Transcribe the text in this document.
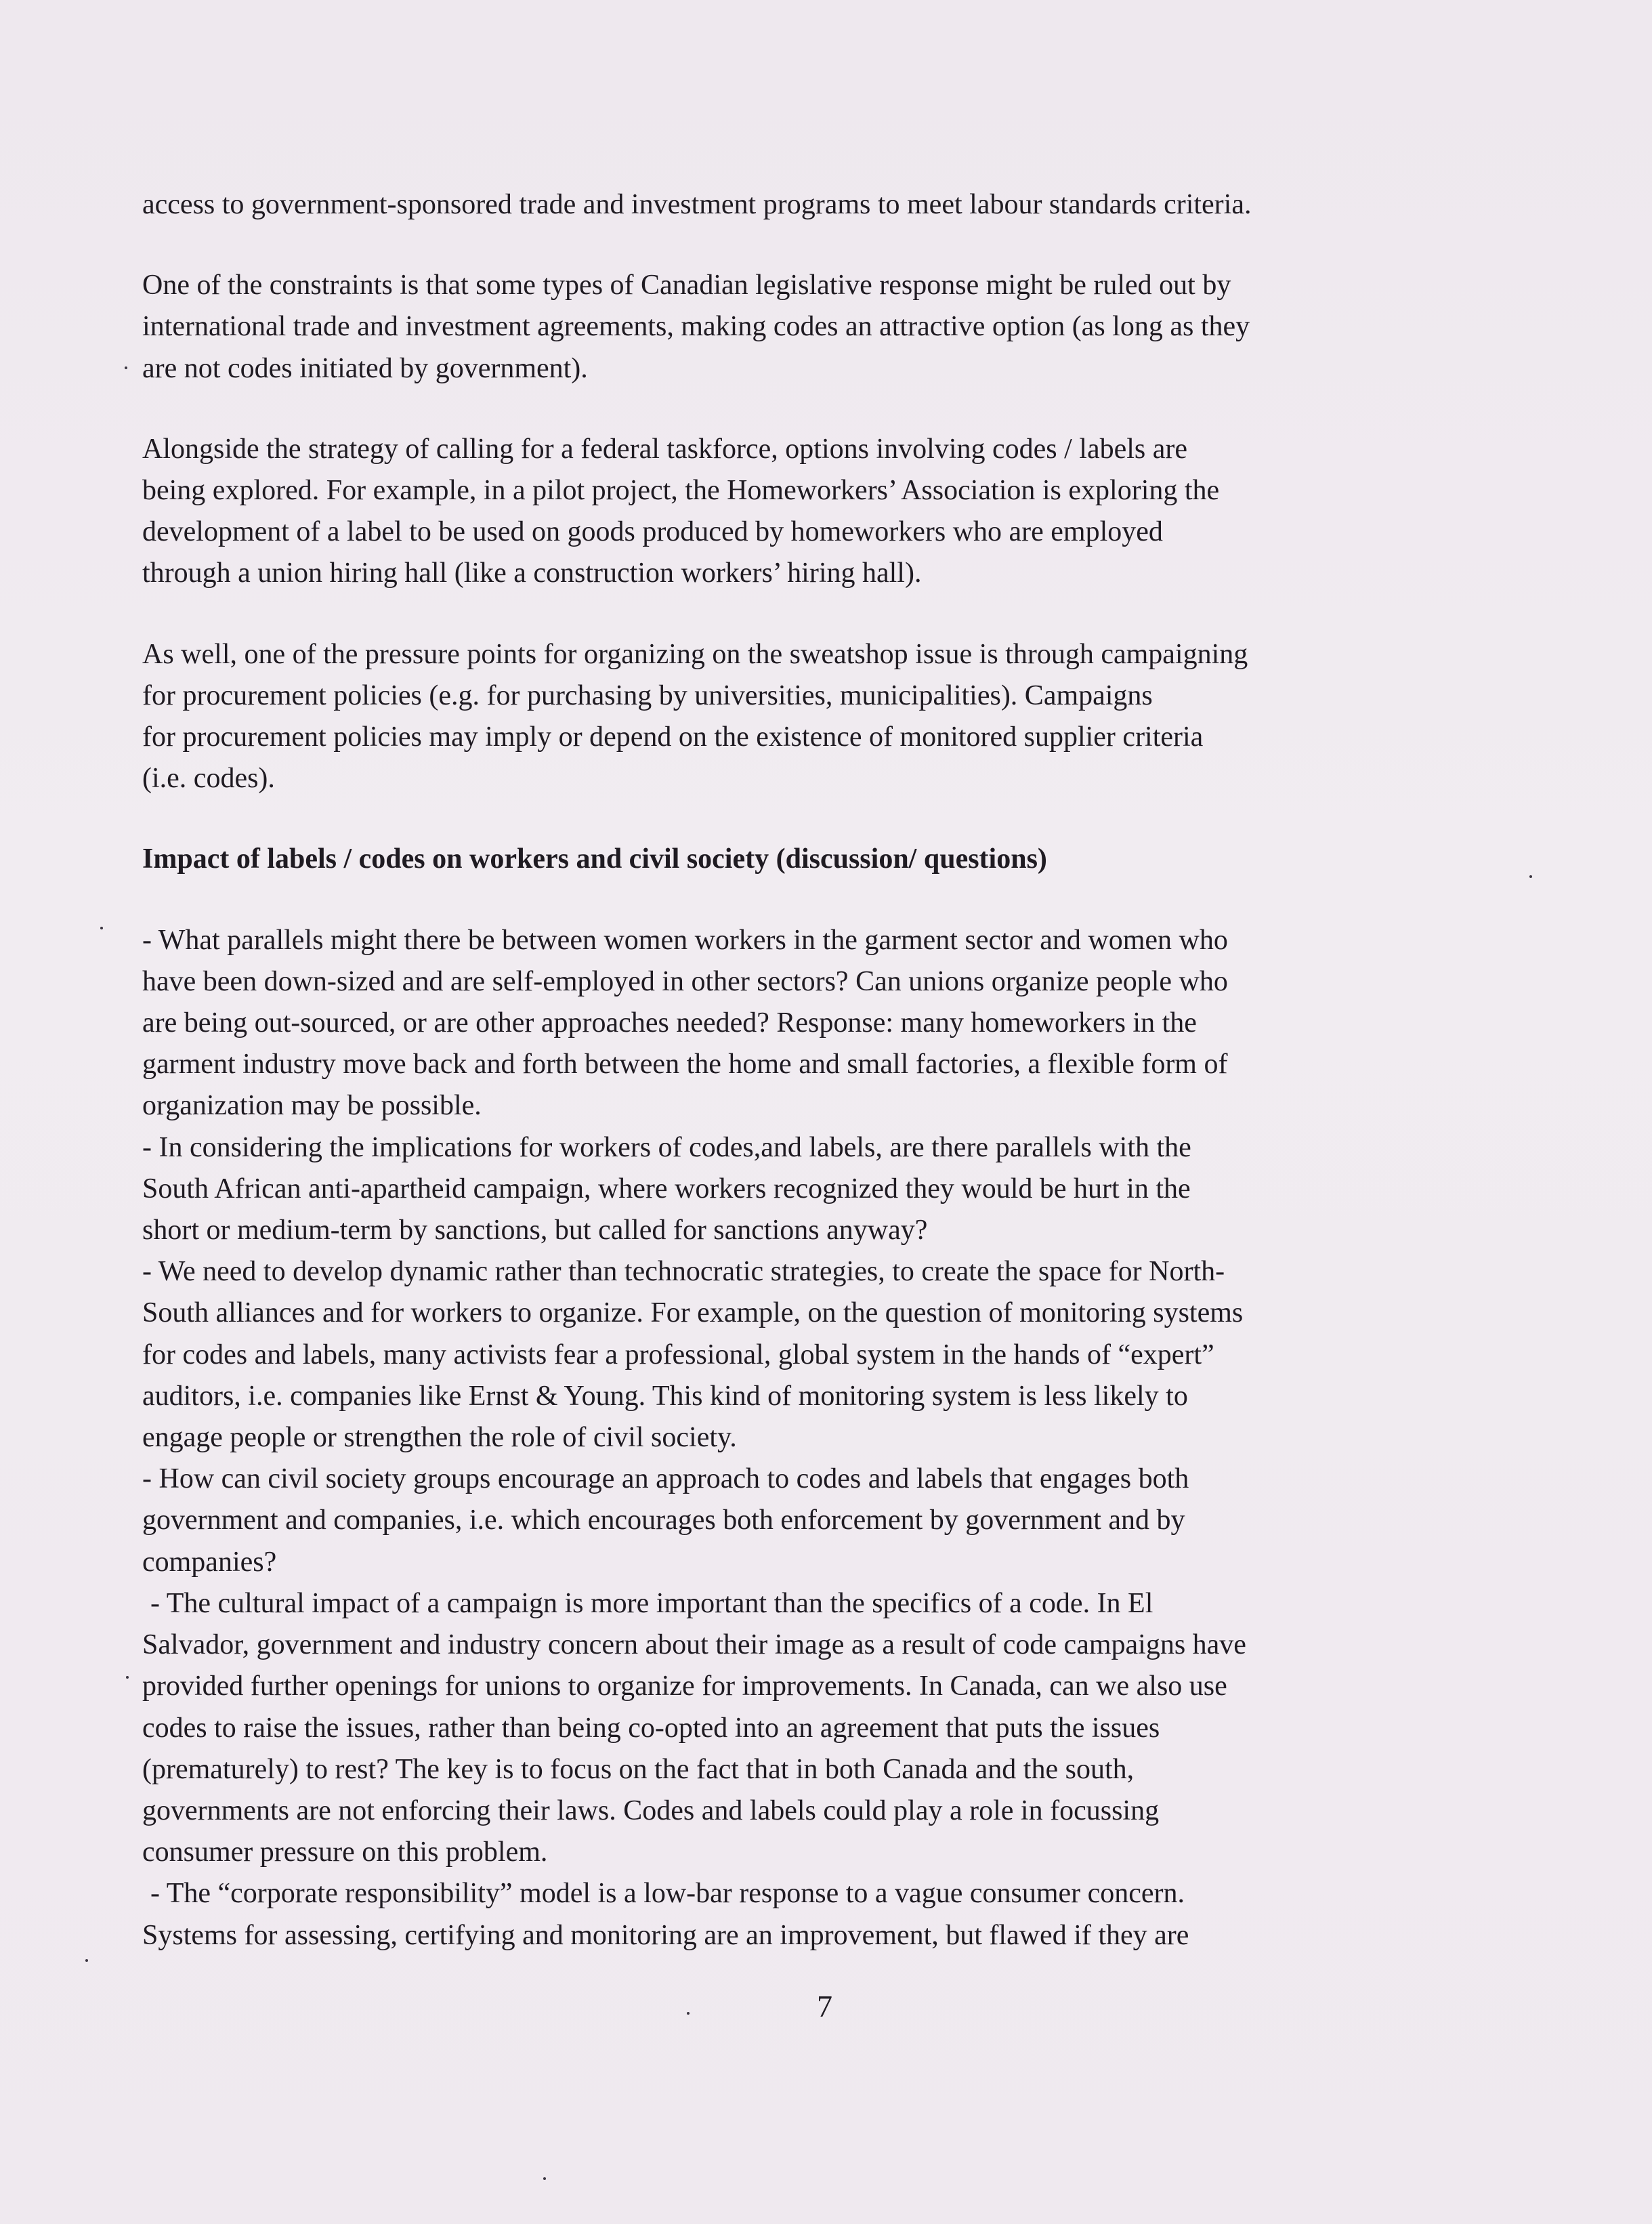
access to government-sponsored trade and investment programs to meet labour standards criteria.

One of the constraints is that some types of Canadian legislative response might be ruled out by
international trade and investment agreements, making codes an attractive option (as long as they
are not codes initiated by government).

Alongside the strategy of calling for a federal taskforce, options involving codes / labels are
being explored. For example, in a pilot project, the Homeworkers’ Association is exploring the
development of a label to be used on goods produced by homeworkers who are employed
through a union hiring hall (like a construction workers’ hiring hall).

As well, one of the pressure points for organizing on the sweatshop issue is through campaigning
for procurement policies (e.g. for purchasing by universities, municipalities). Campaigns
for procurement policies may imply or depend on the existence of monitored supplier criteria
(i.e. codes).

Impact of labels / codes on workers and civil society (discussion/ questions)

- What parallels might there be between women workers in the garment sector and women who
have been down-sized and are self-employed in other sectors? Can unions organize people who
are being out-sourced, or are other approaches needed? Response: many homeworkers in the
garment industry move back and forth between the home and small factories, a flexible form of
organization may be possible.

- In considering the implications for workers of codes,and labels, are there parallels with the
South African anti-apartheid campaign, where workers recognized they would be hurt in the
short or medium-term by sanctions, but called for sanctions anyway?

- We need to develop dynamic rather than technocratic strategies, to create the space for North-
South alliances and for workers to organize. For example, on the question of monitoring systems
for codes and labels, many activists fear a professional, global system in the hands of “expert”
auditors, i.e. companies like Ernst & Young. This kind of monitoring system is less likely to
engage people or strengthen the role of civil society.

- How can civil society groups encourage an approach to codes and labels that engages both
government and companies, i.e. which encourages both enforcement by government and by
companies?

- The cultural impact of a campaign is more important than the specifics of a code. In El
Salvador, government and industry concern about their image as a result of code campaigns have
provided further openings for unions to organize for improvements. In Canada, can we also use
codes to raise the issues, rather than being co-opted into an agreement that puts the issues
(prematurely) to rest? The key is to focus on the fact that in both Canada and the south,
governments are not enforcing their laws. Codes and labels could play a role in focussing
consumer pressure on this problem.

- The “corporate responsibility” model is a low-bar response to a vague consumer concern.
Systems for assessing, certifying and monitoring are an improvement, but flawed if they are

7
